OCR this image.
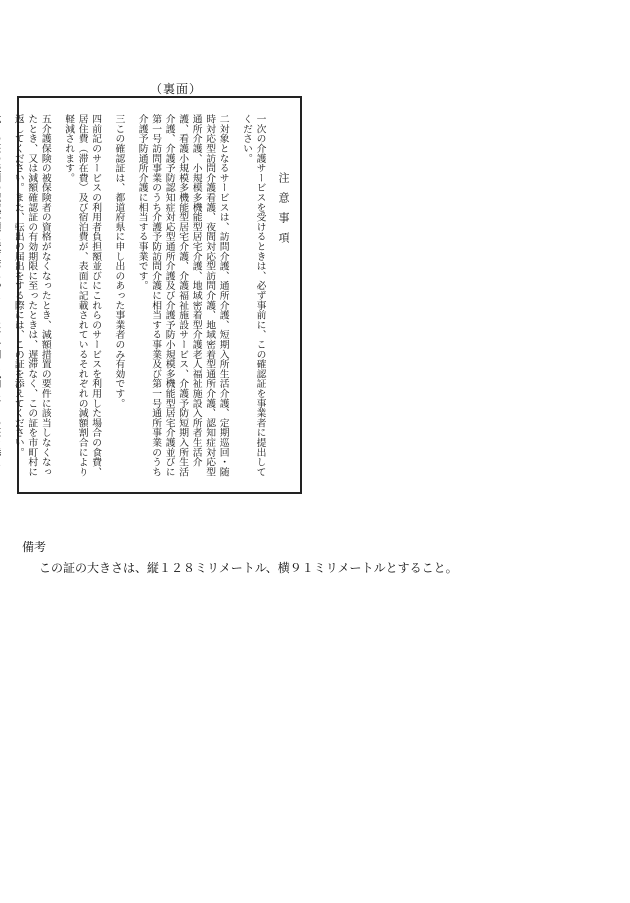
（裏面）
注意事項
一次の介護サービスを受けるときは、必ず事前に、この確認証を事業者に提出してください。
二対象となるサービスは、訪問介護、通所介護、短期入所生活介護、定期巡回・随時対応型訪問介護看護、夜間対応型訪問介護、地域密着型通所介護、認知症対応型通所介護、小規模多機能型居宅介護、地域密着型介護老人福祉施設入所者生活介護、看護小規模多機能型居宅介護、介護福祉施設サービス、介護予防短期入所生活介護、介護予防認知症対応型通所介護及び介護予防小規模多機能型居宅介護並びに第一号訪問事業のうち介護予防訪問介護に相当する事業及び第一号通所事業のうち介護予防通所介護に相当する事業です。
三この確認証は、都道府県に申し出のあった事業者のみ有効です。
四前記のサービスの利用者負担額並びにこれらのサービスを利用した場合の食費、居住費（滞在費）及び宿泊費が、表面に記載されているそれぞれの減額割合により軽減されます。
五介護保険の被保険者の資格がなくなったとき、減額措置の要件に該当しなくなったとき、又は減額確認証の有効期限に至ったときは、遅滞なく、この証を市町村に返してください。また、転出の届出をする際には、この証を添えてください。
備考
この証の大きさは、縦１２８ミリメートル、横９１ミリメートルとすること。
